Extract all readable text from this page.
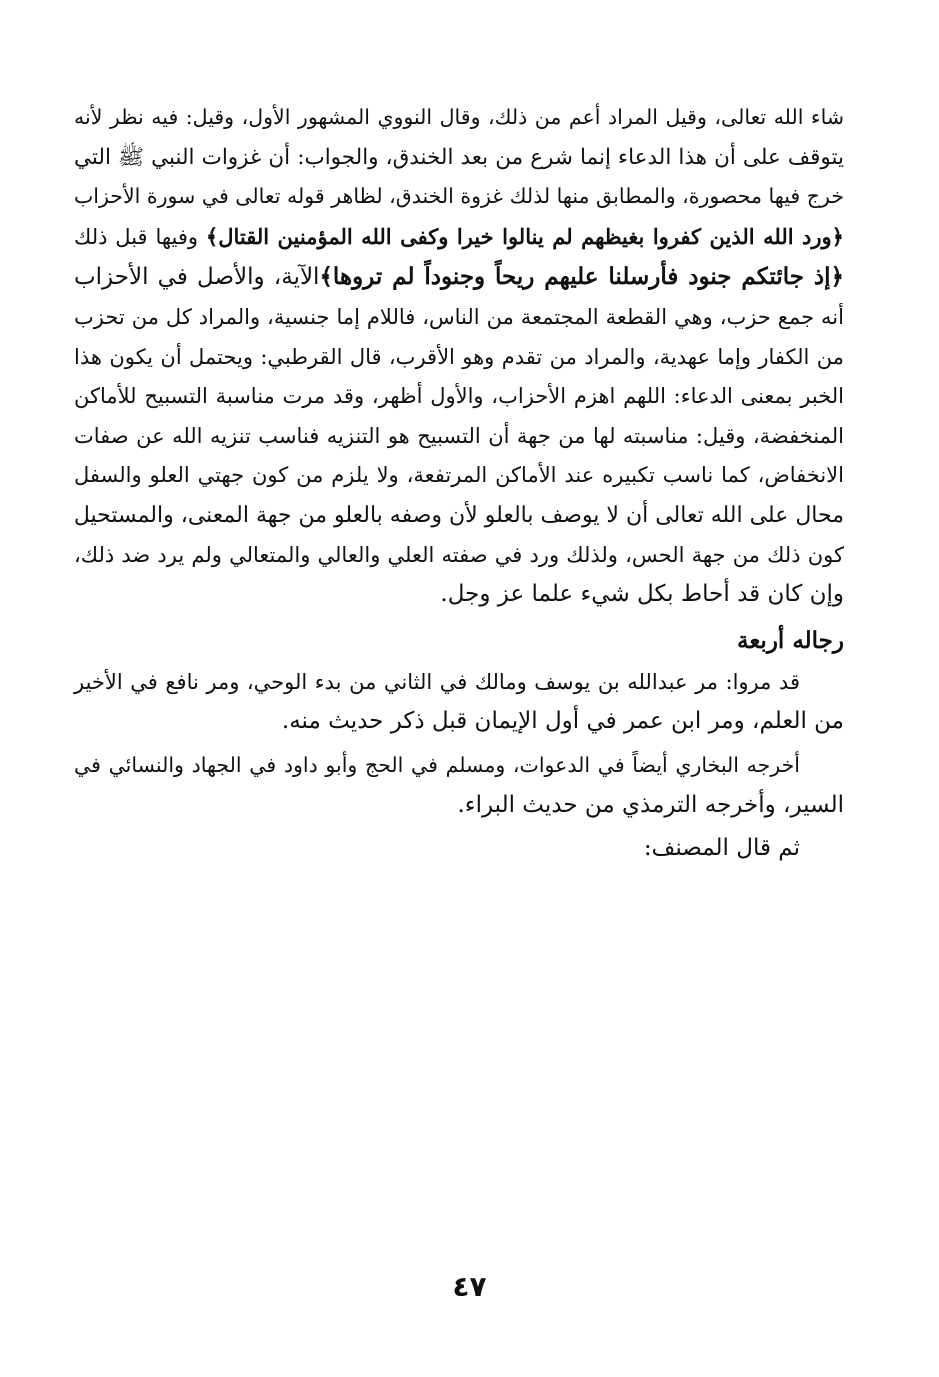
شاء الله تعالى، وقيل المراد أعم من ذلك، وقال النووي المشهور الأول، وقيل: فيه نظر لأنه
يتوقف على أن هذا الدعاء إنما شرع من بعد الخندق، والجواب: أن غزوات النبي ﷺ التي
خرج فيها محصورة، والمطابق منها لذلك غزوة الخندق، لظاهر قوله تعالى في سورة الأحزاب
﴿ورد الله الذين كفروا بغيظهم لم ينالوا خيرا وكفى الله المؤمنين القتال﴾ وفيها قبل ذلك
﴿إذ جائتكم جنود فأرسلنا عليهم ريحاً وجنوداً لم تروها﴾الآية، والأصل في الأحزاب
أنه جمع حزب، وهي القطعة المجتمعة من الناس، فاللام إما جنسية، والمراد كل من تحزب
من الكفار وإما عهدية، والمراد من تقدم وهو الأقرب، قال القرطبي: ويحتمل أن يكون هذا
الخبر بمعنى الدعاء: اللهم اهزم الأحزاب، والأول أظهر، وقد مرت مناسبة التسبيح للأماكن
المنخفضة، وقيل: مناسبته لها من جهة أن التسبيح هو التنزيه فناسب تنزيه الله عن صفات
الانخفاض، كما ناسب تكبيره عند الأماكن المرتفعة، ولا يلزم من كون جهتي العلو والسفل
محال على الله تعالى أن لا يوصف بالعلو لأن وصفه بالعلو من جهة المعنى، والمستحيل
كون ذلك من جهة الحس، ولذلك ورد في صفته العلي والعالي والمتعالي ولم يرد ضد ذلك،
وإن كان قد أحاط بكل شيء علما عز وجل.
رجاله أربعة
قد مروا: مر عبدالله بن يوسف ومالك في الثاني من بدء الوحي، ومر نافع في الأخير
من العلم، ومر ابن عمر في أول الإيمان قبل ذكر حديث منه.
أخرجه البخاري أيضاً في الدعوات، ومسلم في الحج وأبو داود في الجهاد والنسائي في
السير، وأخرجه الترمذي من حديث البراء.
ثم قال المصنف:
٤٧
